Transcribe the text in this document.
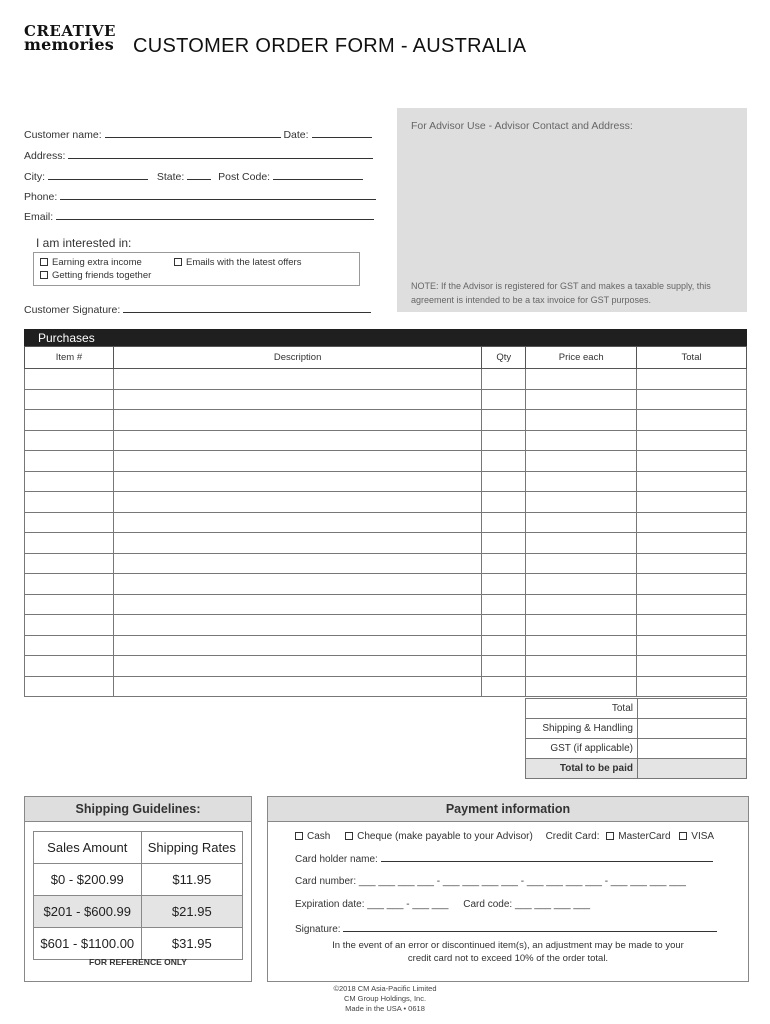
CREATIVE
memories CUSTOMER ORDER FORM - AUSTRALIA
Customer name:	Date:
Address:
City:	State:	Post Code:
Phone:
Email:
I am interested in:
Earning extra income	Emails with the latest offers
Getting friends together
Customer Signature:
For Advisor Use - Advisor Contact and Address:
NOTE: If the Advisor is registered for GST and makes a taxable supply, this agreement is intended to be a tax invoice for GST purposes.
Purchases
Item #	Description	Qty	Price each	Total

Total	
Shipping & Handling	
GST (if applicable)	
Total to be paid	
Shipping Guidelines:
Sales Amount	Shipping Rates
$0 - $200.99	$11.95
$201 - $600.99	$21.95
$601 - $1100.00	$31.95
FOR REFERENCE ONLY
Payment information
Cash	Cheque (make payable to your Advisor) Credit Card: MasterCard VISA
Card holder name:
Card number: ___ ___ ___ ___ - ___ ___ ___ ___ - ___ ___ ___ ___ - ___ ___ ___ ___
Expiration date: ___ ___ - ___ ___ Card code: ___ ___ ___ ___
Signature:
In the event of an error or discontinued item(s), an adjustment may be made to your credit card not to exceed 10% of the order total.
©2018 CM Asia-Pacific Limited
CM Group Holdings, Inc.
Made in the USA • 0618
